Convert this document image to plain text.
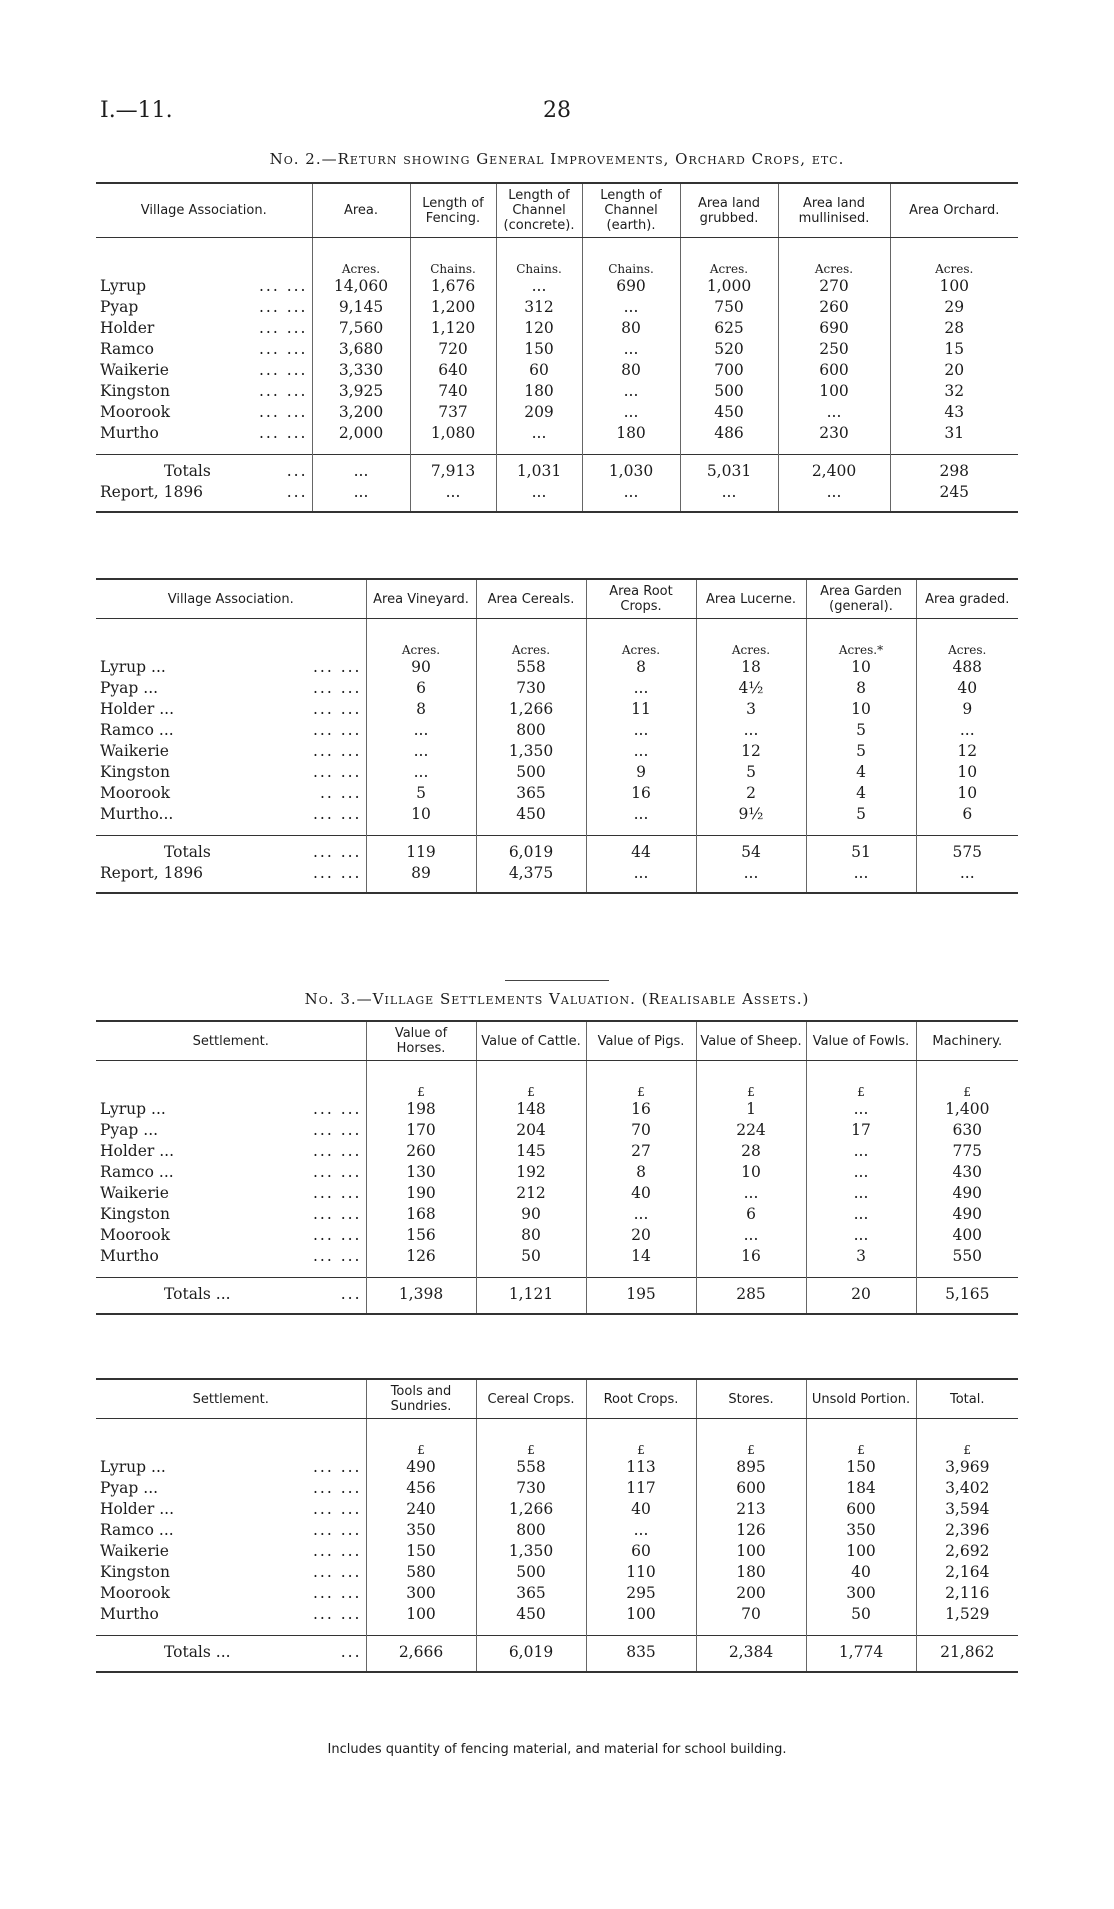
I.—11.	28
No. 2.—Return showing General Improvements, Orchard Crops, etc.
Village Association.	Area.	Length of Fencing.	Length of Channel (concrete).	Length of Channel (earth).	Area land grubbed.	Area land mullinised.	Area Orchard.
	Acres.	Chains.	Chains.	Chains.	Acres.	Acres.	Acres.

Lyrup ... ...	14,060	1,676	...	690	1,000	270	100

Pyap ... ...	9,145	1,200	312	...	750	260	29

Holder ... ...	7,560	1,120	120	80	625	690	28

Ramco ... ...	3,680	720	150	...	520	250	15

Waikerie ... ...	3,330	640	60	80	700	600	20

Kingston ... ...	3,925	740	180	...	500	100	32

Moorook ... ...	3,200	737	209	...	450	...	43

Murtho ... ...	2,000	1,080	...	180	486	230	31

Totals ...	...	7,913	1,031	1,030	5,031	2,400	298

Report, 1896 ...	...	...	...	...	...	...	245
Village Association.	Area Vineyard.	Area Cereals.	Area Root Crops.	Area Lucerne.	Area Garden (general).	Area graded.
	Acres.	Acres.	Acres.	Acres.	Acres.*	Acres.

Lyrup ... ... ...	90	558	8	18	10	488

Pyap ... ... ...	6	730	...	4½	8	40

Holder ... ... ...	8	1,266	11	3	10	9

Ramco ... ... ...	...	800	...	...	5	...

Waikerie ... ...	...	1,350	...	12	5	12

Kingston ... ...	...	500	9	5	4	10

Moorook .. ...	5	365	16	2	4	10

Murtho... ... ...	10	450	...	9½	5	6

Totals ... ...	119	6,019	44	54	51	575

Report, 1896 ... ...	89	4,375	...	...	...	...
No. 3.—Village Settlements Valuation. (Realisable Assets.)
Settlement.	Value of Horses.	Value of Cattle.	Value of Pigs.	Value of Sheep.	Value of Fowls.	Machinery.
	£	£	£	£	£	£

Lyrup ... ... ...	198	148	16	1	...	1,400

Pyap ... ... ...	170	204	70	224	17	630

Holder ... ... ...	260	145	27	28	...	775

Ramco ... ... ...	130	192	8	10	...	430

Waikerie ... ...	190	212	40	...	...	490

Kingston ... ...	168	90	...	6	...	490

Moorook ... ...	156	80	20	...	...	400

Murtho ... ...	126	50	14	16	3	550

Totals ... ...	1,398	1,121	195	285	20	5,165
Settlement.	Tools and Sundries.	Cereal Crops.	Root Crops.	Stores.	Unsold Portion.	Total.
	£	£	£	£	£	£

Lyrup ... ... ...	490	558	113	895	150	3,969

Pyap ... ... ...	456	730	117	600	184	3,402

Holder ... ... ...	240	1,266	40	213	600	3,594

Ramco ... ... ...	350	800	...	126	350	2,396

Waikerie ... ...	150	1,350	60	100	100	2,692

Kingston ... ...	580	500	110	180	40	2,164

Moorook ... ...	300	365	295	200	300	2,116

Murtho ... ...	100	450	100	70	50	1,529

Totals ... ...	2,666	6,019	835	2,384	1,774	21,862
Includes quantity of fencing material, and material for school building.
